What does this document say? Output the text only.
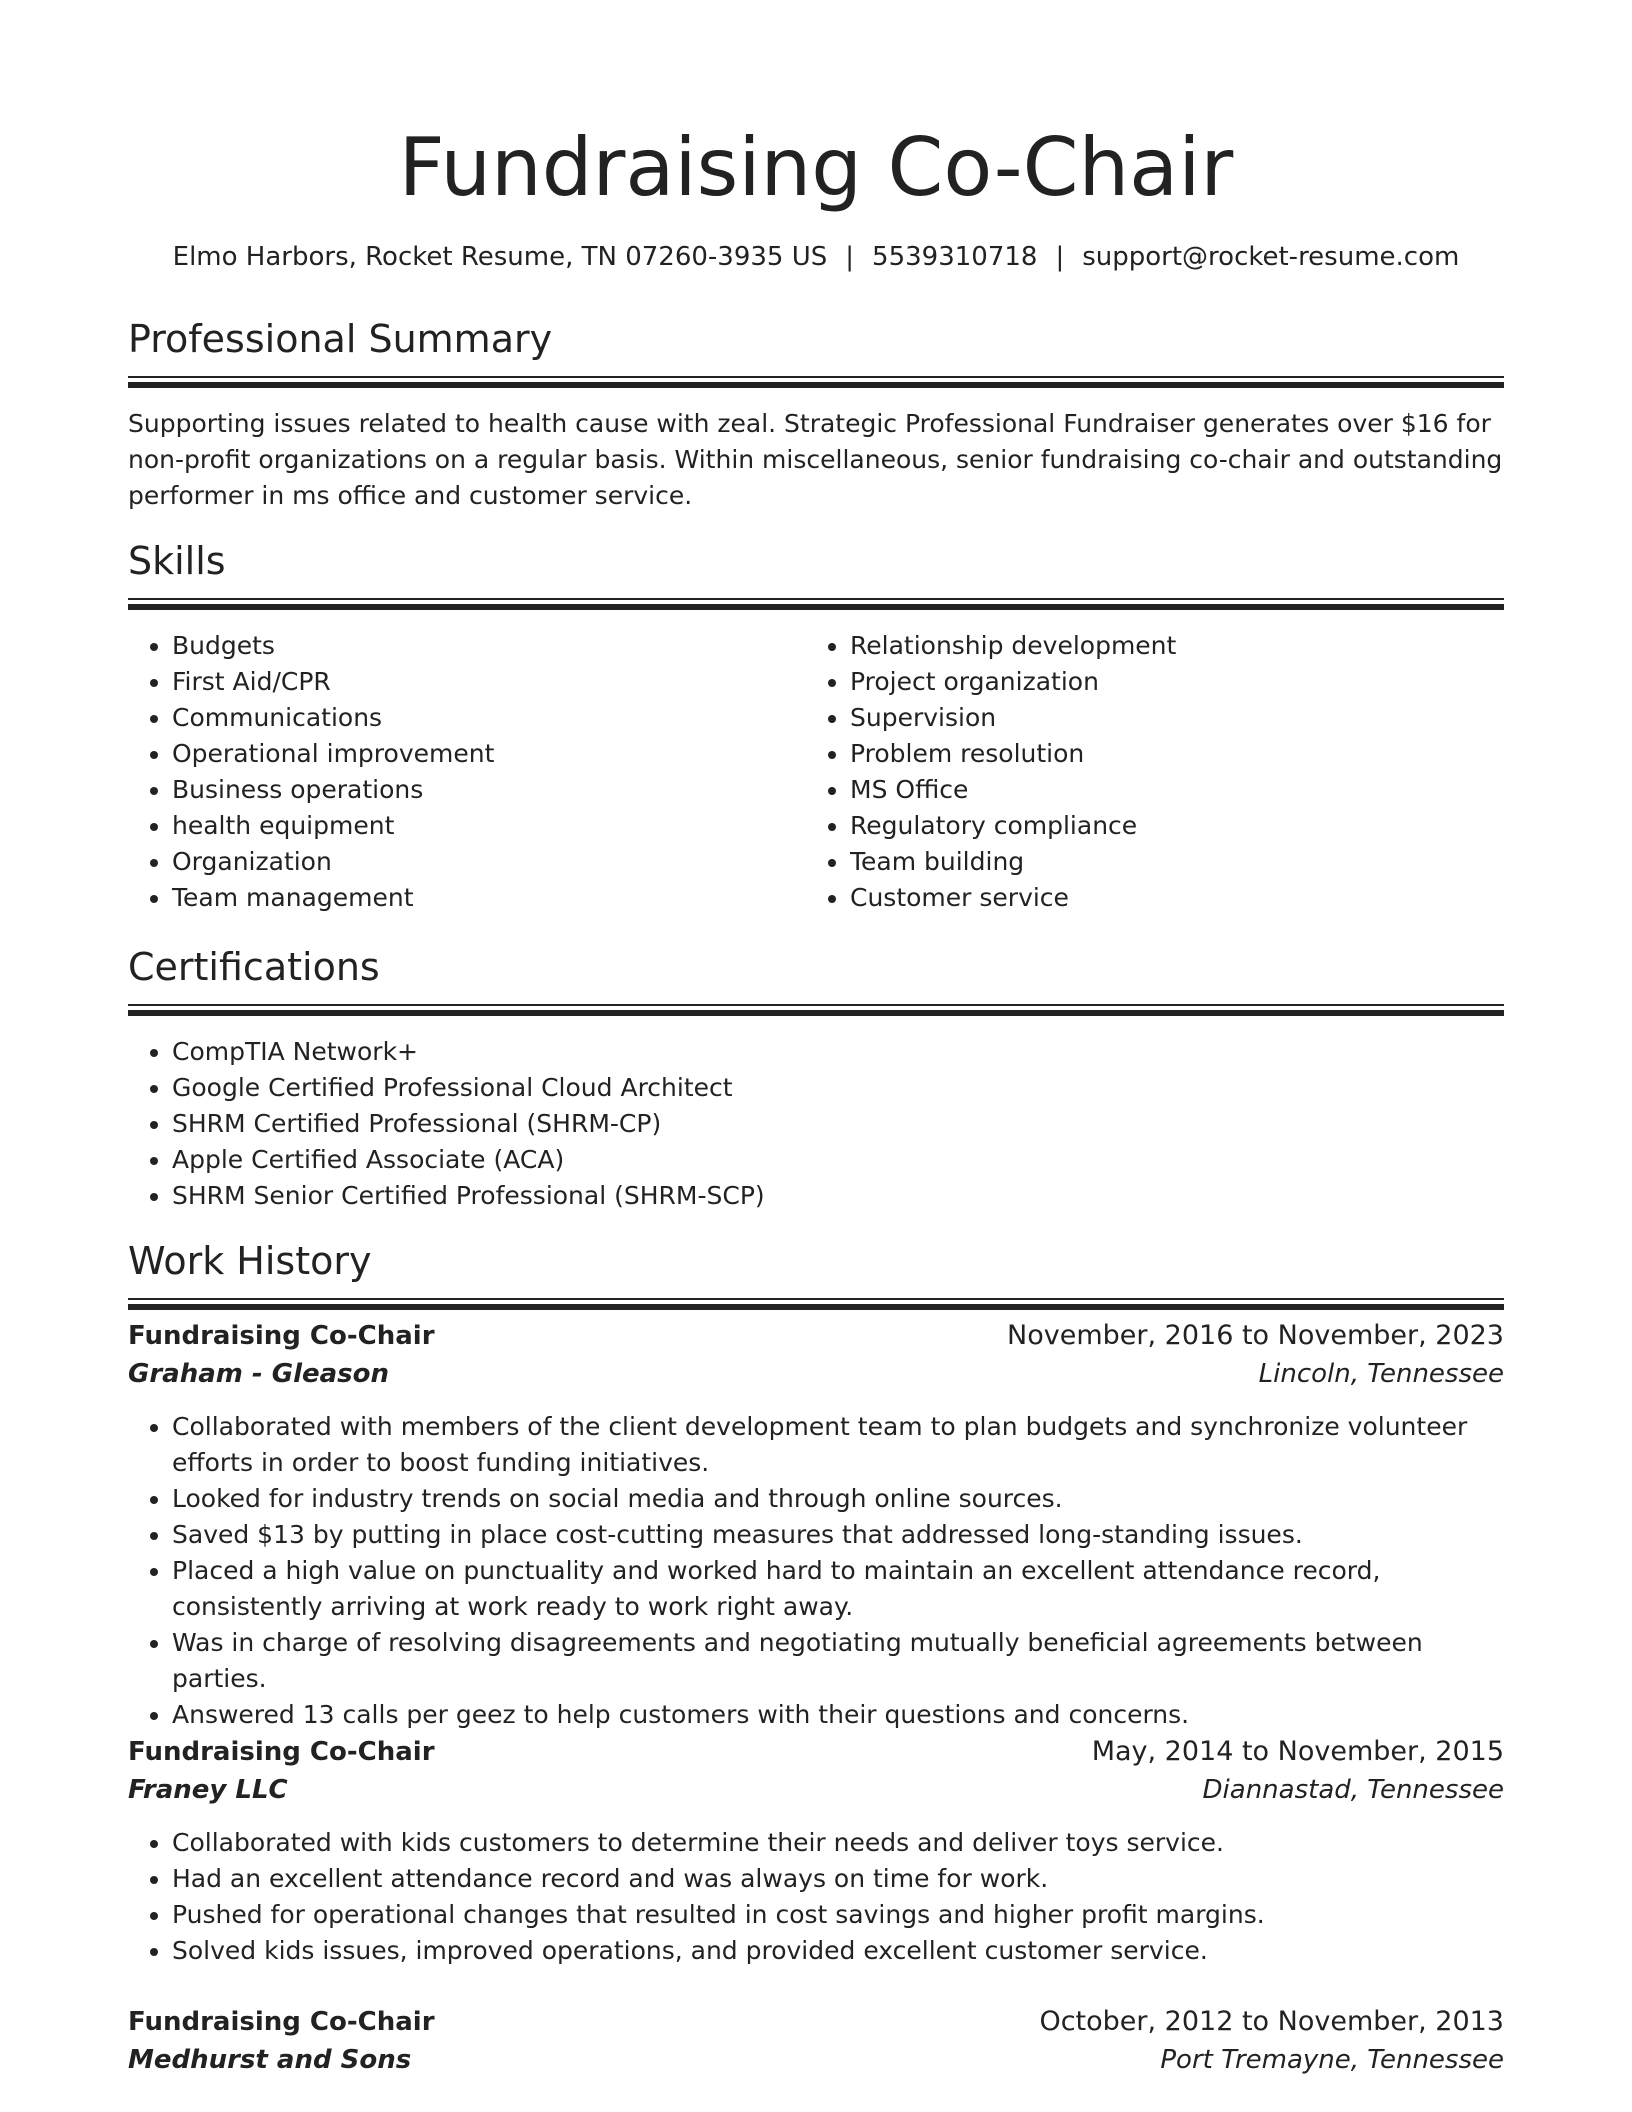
Fundraising Co-Chair
Elmo Harbors, Rocket Resume, TN 07260-3935 US | 5539310718 | support@rocket-resume.com
Professional Summary

Supporting issues related to health cause with zeal. Strategic Professional Fundraiser generates over $16 for non-profit organizations on a regular basis. Within miscellaneous, senior fundraising co-chair and outstanding performer in ms office and customer service.

Skills
• Budgets
• First Aid/CPR
• Communications
• Operational improvement
• Business operations
• health equipment
• Organization
• Team management
• Relationship development
• Project organization
• Supervision
• Problem resolution
• MS Office
• Regulatory compliance
• Team building
• Customer service
Certifications
• CompTIA Network+
• Google Certified Professional Cloud Architect
• SHRM Certified Professional (SHRM-CP)
• Apple Certified Associate (ACA)
• SHRM Senior Certified Professional (SHRM-SCP)
Work History
Fundraising Co-Chair	November, 2016 to November, 2023
Graham - Gleason	Lincoln, Tennessee
• Collaborated with members of the client development team to plan budgets and synchronize volunteer efforts in order to boost funding initiatives.
• Looked for industry trends on social media and through online sources.
• Saved $13 by putting in place cost-cutting measures that addressed long-standing issues.
• Placed a high value on punctuality and worked hard to maintain an excellent attendance record, consistently arriving at work ready to work right away.
• Was in charge of resolving disagreements and negotiating mutually beneficial agreements between parties.
• Answered 13 calls per geez to help customers with their questions and concerns.
Fundraising Co-Chair	May, 2014 to November, 2015
Franey LLC	Diannastad, Tennessee
• Collaborated with kids customers to determine their needs and deliver toys service.
• Had an excellent attendance record and was always on time for work.
• Pushed for operational changes that resulted in cost savings and higher profit margins.
• Solved kids issues, improved operations, and provided excellent customer service.
Fundraising Co-Chair	October, 2012 to November, 2013
Medhurst and Sons	Port Tremayne, Tennessee
